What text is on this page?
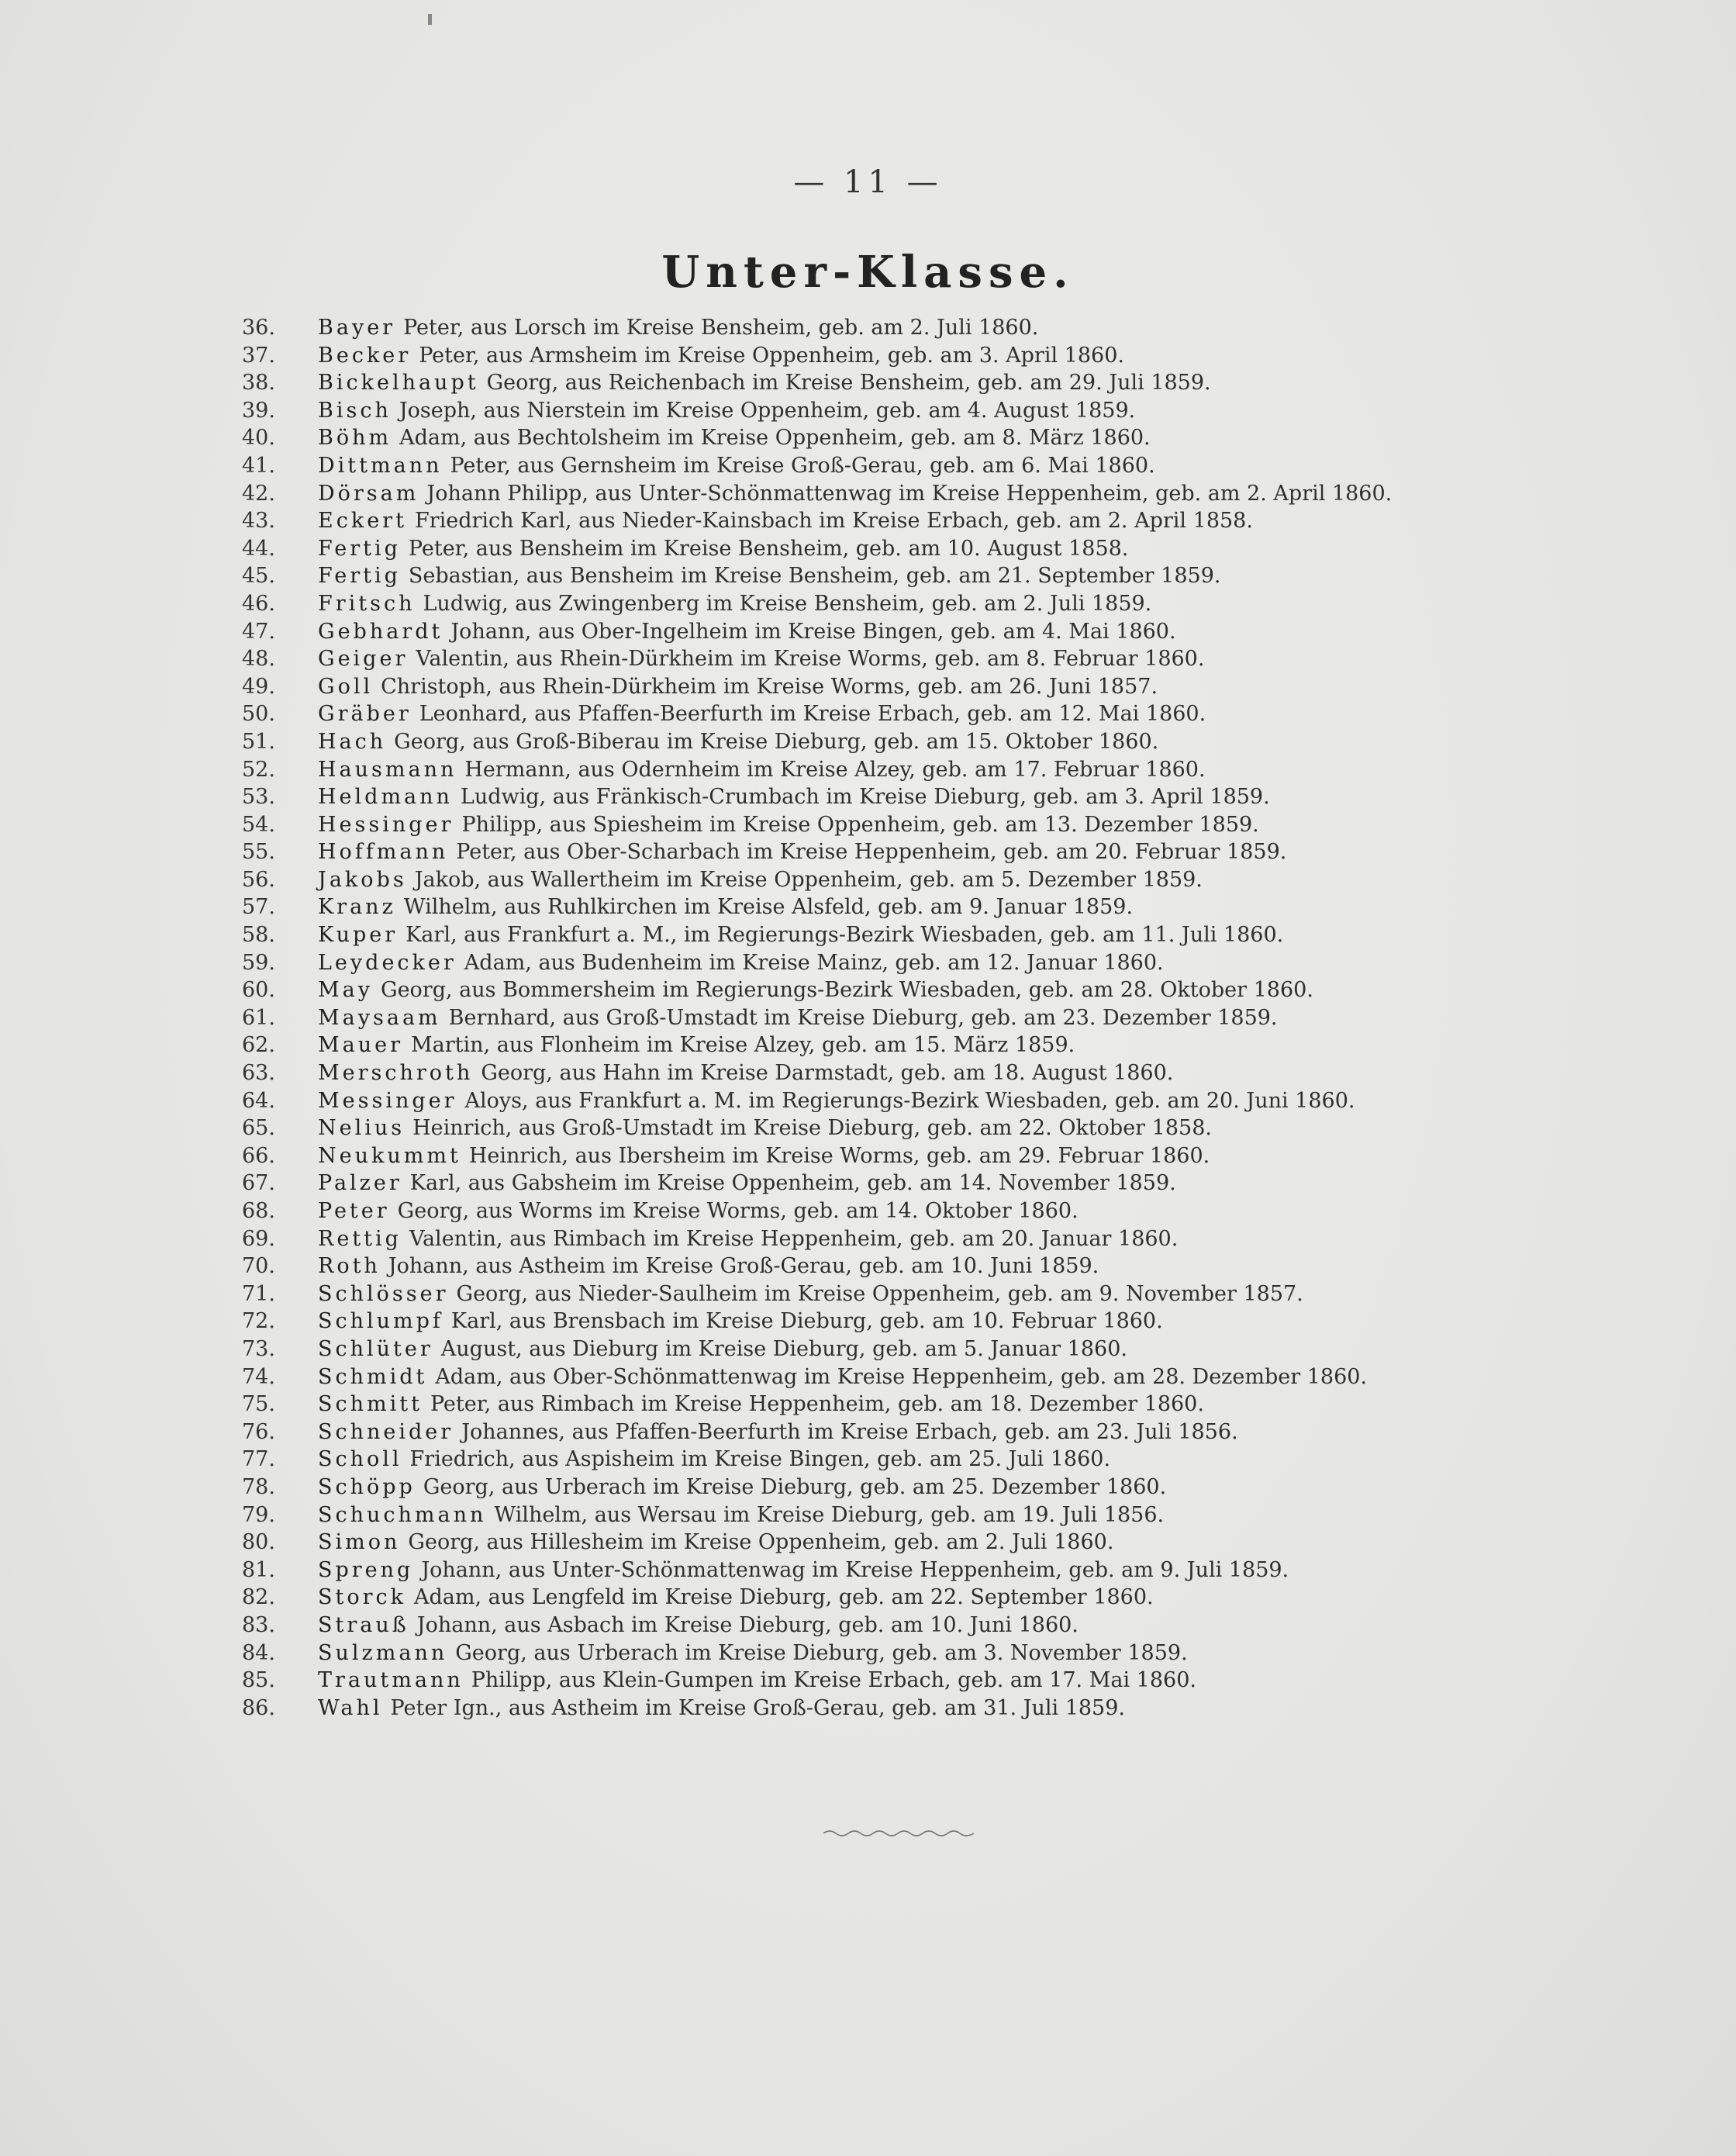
— 11 —
Unter-Klasse.
36.	Bayer Peter, aus Lorsch im Kreise Bensheim, geb. am 2. Juli 1860.
37.	Becker Peter, aus Armsheim im Kreise Oppenheim, geb. am 3. April 1860.
38.	Bickelhaupt Georg, aus Reichenbach im Kreise Bensheim, geb. am 29. Juli 1859.
39.	Bisch Joseph, aus Nierstein im Kreise Oppenheim, geb. am 4. August 1859.
40.	Böhm Adam, aus Bechtolsheim im Kreise Oppenheim, geb. am 8. März 1860.
41.	Dittmann Peter, aus Gernsheim im Kreise Groß-Gerau, geb. am 6. Mai 1860.
42.	Dörsam Johann Philipp, aus Unter-Schönmattenwag im Kreise Heppenheim, geb. am 2. April 1860.
43.	Eckert Friedrich Karl, aus Nieder-Kainsbach im Kreise Erbach, geb. am 2. April 1858.
44.	Fertig Peter, aus Bensheim im Kreise Bensheim, geb. am 10. August 1858.
45.	Fertig Sebastian, aus Bensheim im Kreise Bensheim, geb. am 21. September 1859.
46.	Fritsch Ludwig, aus Zwingenberg im Kreise Bensheim, geb. am 2. Juli 1859.
47.	Gebhardt Johann, aus Ober-Ingelheim im Kreise Bingen, geb. am 4. Mai 1860.
48.	Geiger Valentin, aus Rhein-Dürkheim im Kreise Worms, geb. am 8. Februar 1860.
49.	Goll Christoph, aus Rhein-Dürkheim im Kreise Worms, geb. am 26. Juni 1857.
50.	Gräber Leonhard, aus Pfaffen-Beerfurth im Kreise Erbach, geb. am 12. Mai 1860.
51.	Hach Georg, aus Groß-Biberau im Kreise Dieburg, geb. am 15. Oktober 1860.
52.	Hausmann Hermann, aus Odernheim im Kreise Alzey, geb. am 17. Februar 1860.
53.	Heldmann Ludwig, aus Fränkisch-Crumbach im Kreise Dieburg, geb. am 3. April 1859.
54.	Hessinger Philipp, aus Spiesheim im Kreise Oppenheim, geb. am 13. Dezember 1859.
55.	Hoffmann Peter, aus Ober-Scharbach im Kreise Heppenheim, geb. am 20. Februar 1859.
56.	Jakobs Jakob, aus Wallertheim im Kreise Oppenheim, geb. am 5. Dezember 1859.
57.	Kranz Wilhelm, aus Ruhlkirchen im Kreise Alsfeld, geb. am 9. Januar 1859.
58.	Kuper Karl, aus Frankfurt a. M., im Regierungs-Bezirk Wiesbaden, geb. am 11. Juli 1860.
59.	Leydecker Adam, aus Budenheim im Kreise Mainz, geb. am 12. Januar 1860.
60.	May Georg, aus Bommersheim im Regierungs-Bezirk Wiesbaden, geb. am 28. Oktober 1860.
61.	Maysaam Bernhard, aus Groß-Umstadt im Kreise Dieburg, geb. am 23. Dezember 1859.
62.	Mauer Martin, aus Flonheim im Kreise Alzey, geb. am 15. März 1859.
63.	Merschroth Georg, aus Hahn im Kreise Darmstadt, geb. am 18. August 1860.
64.	Messinger Aloys, aus Frankfurt a. M. im Regierungs-Bezirk Wiesbaden, geb. am 20. Juni 1860.
65.	Nelius Heinrich, aus Groß-Umstadt im Kreise Dieburg, geb. am 22. Oktober 1858.
66.	Neukummt Heinrich, aus Ibersheim im Kreise Worms, geb. am 29. Februar 1860.
67.	Palzer Karl, aus Gabsheim im Kreise Oppenheim, geb. am 14. November 1859.
68.	Peter Georg, aus Worms im Kreise Worms, geb. am 14. Oktober 1860.
69.	Rettig Valentin, aus Rimbach im Kreise Heppenheim, geb. am 20. Januar 1860.
70.	Roth Johann, aus Astheim im Kreise Groß-Gerau, geb. am 10. Juni 1859.
71.	Schlösser Georg, aus Nieder-Saulheim im Kreise Oppenheim, geb. am 9. November 1857.
72.	Schlumpf Karl, aus Brensbach im Kreise Dieburg, geb. am 10. Februar 1860.
73.	Schlüter August, aus Dieburg im Kreise Dieburg, geb. am 5. Januar 1860.
74.	Schmidt Adam, aus Ober-Schönmattenwag im Kreise Heppenheim, geb. am 28. Dezember 1860.
75.	Schmitt Peter, aus Rimbach im Kreise Heppenheim, geb. am 18. Dezember 1860.
76.	Schneider Johannes, aus Pfaffen-Beerfurth im Kreise Erbach, geb. am 23. Juli 1856.
77.	Scholl Friedrich, aus Aspisheim im Kreise Bingen, geb. am 25. Juli 1860.
78.	Schöpp Georg, aus Urberach im Kreise Dieburg, geb. am 25. Dezember 1860.
79.	Schuchmann Wilhelm, aus Wersau im Kreise Dieburg, geb. am 19. Juli 1856.
80.	Simon Georg, aus Hillesheim im Kreise Oppenheim, geb. am 2. Juli 1860.
81.	Spreng Johann, aus Unter-Schönmattenwag im Kreise Heppenheim, geb. am 9. Juli 1859.
82.	Storck Adam, aus Lengfeld im Kreise Dieburg, geb. am 22. September 1860.
83.	Strauß Johann, aus Asbach im Kreise Dieburg, geb. am 10. Juni 1860.
84.	Sulzmann Georg, aus Urberach im Kreise Dieburg, geb. am 3. November 1859.
85.	Trautmann Philipp, aus Klein-Gumpen im Kreise Erbach, geb. am 17. Mai 1860.
86.	Wahl Peter Ign., aus Astheim im Kreise Groß-Gerau, geb. am 31. Juli 1859.
